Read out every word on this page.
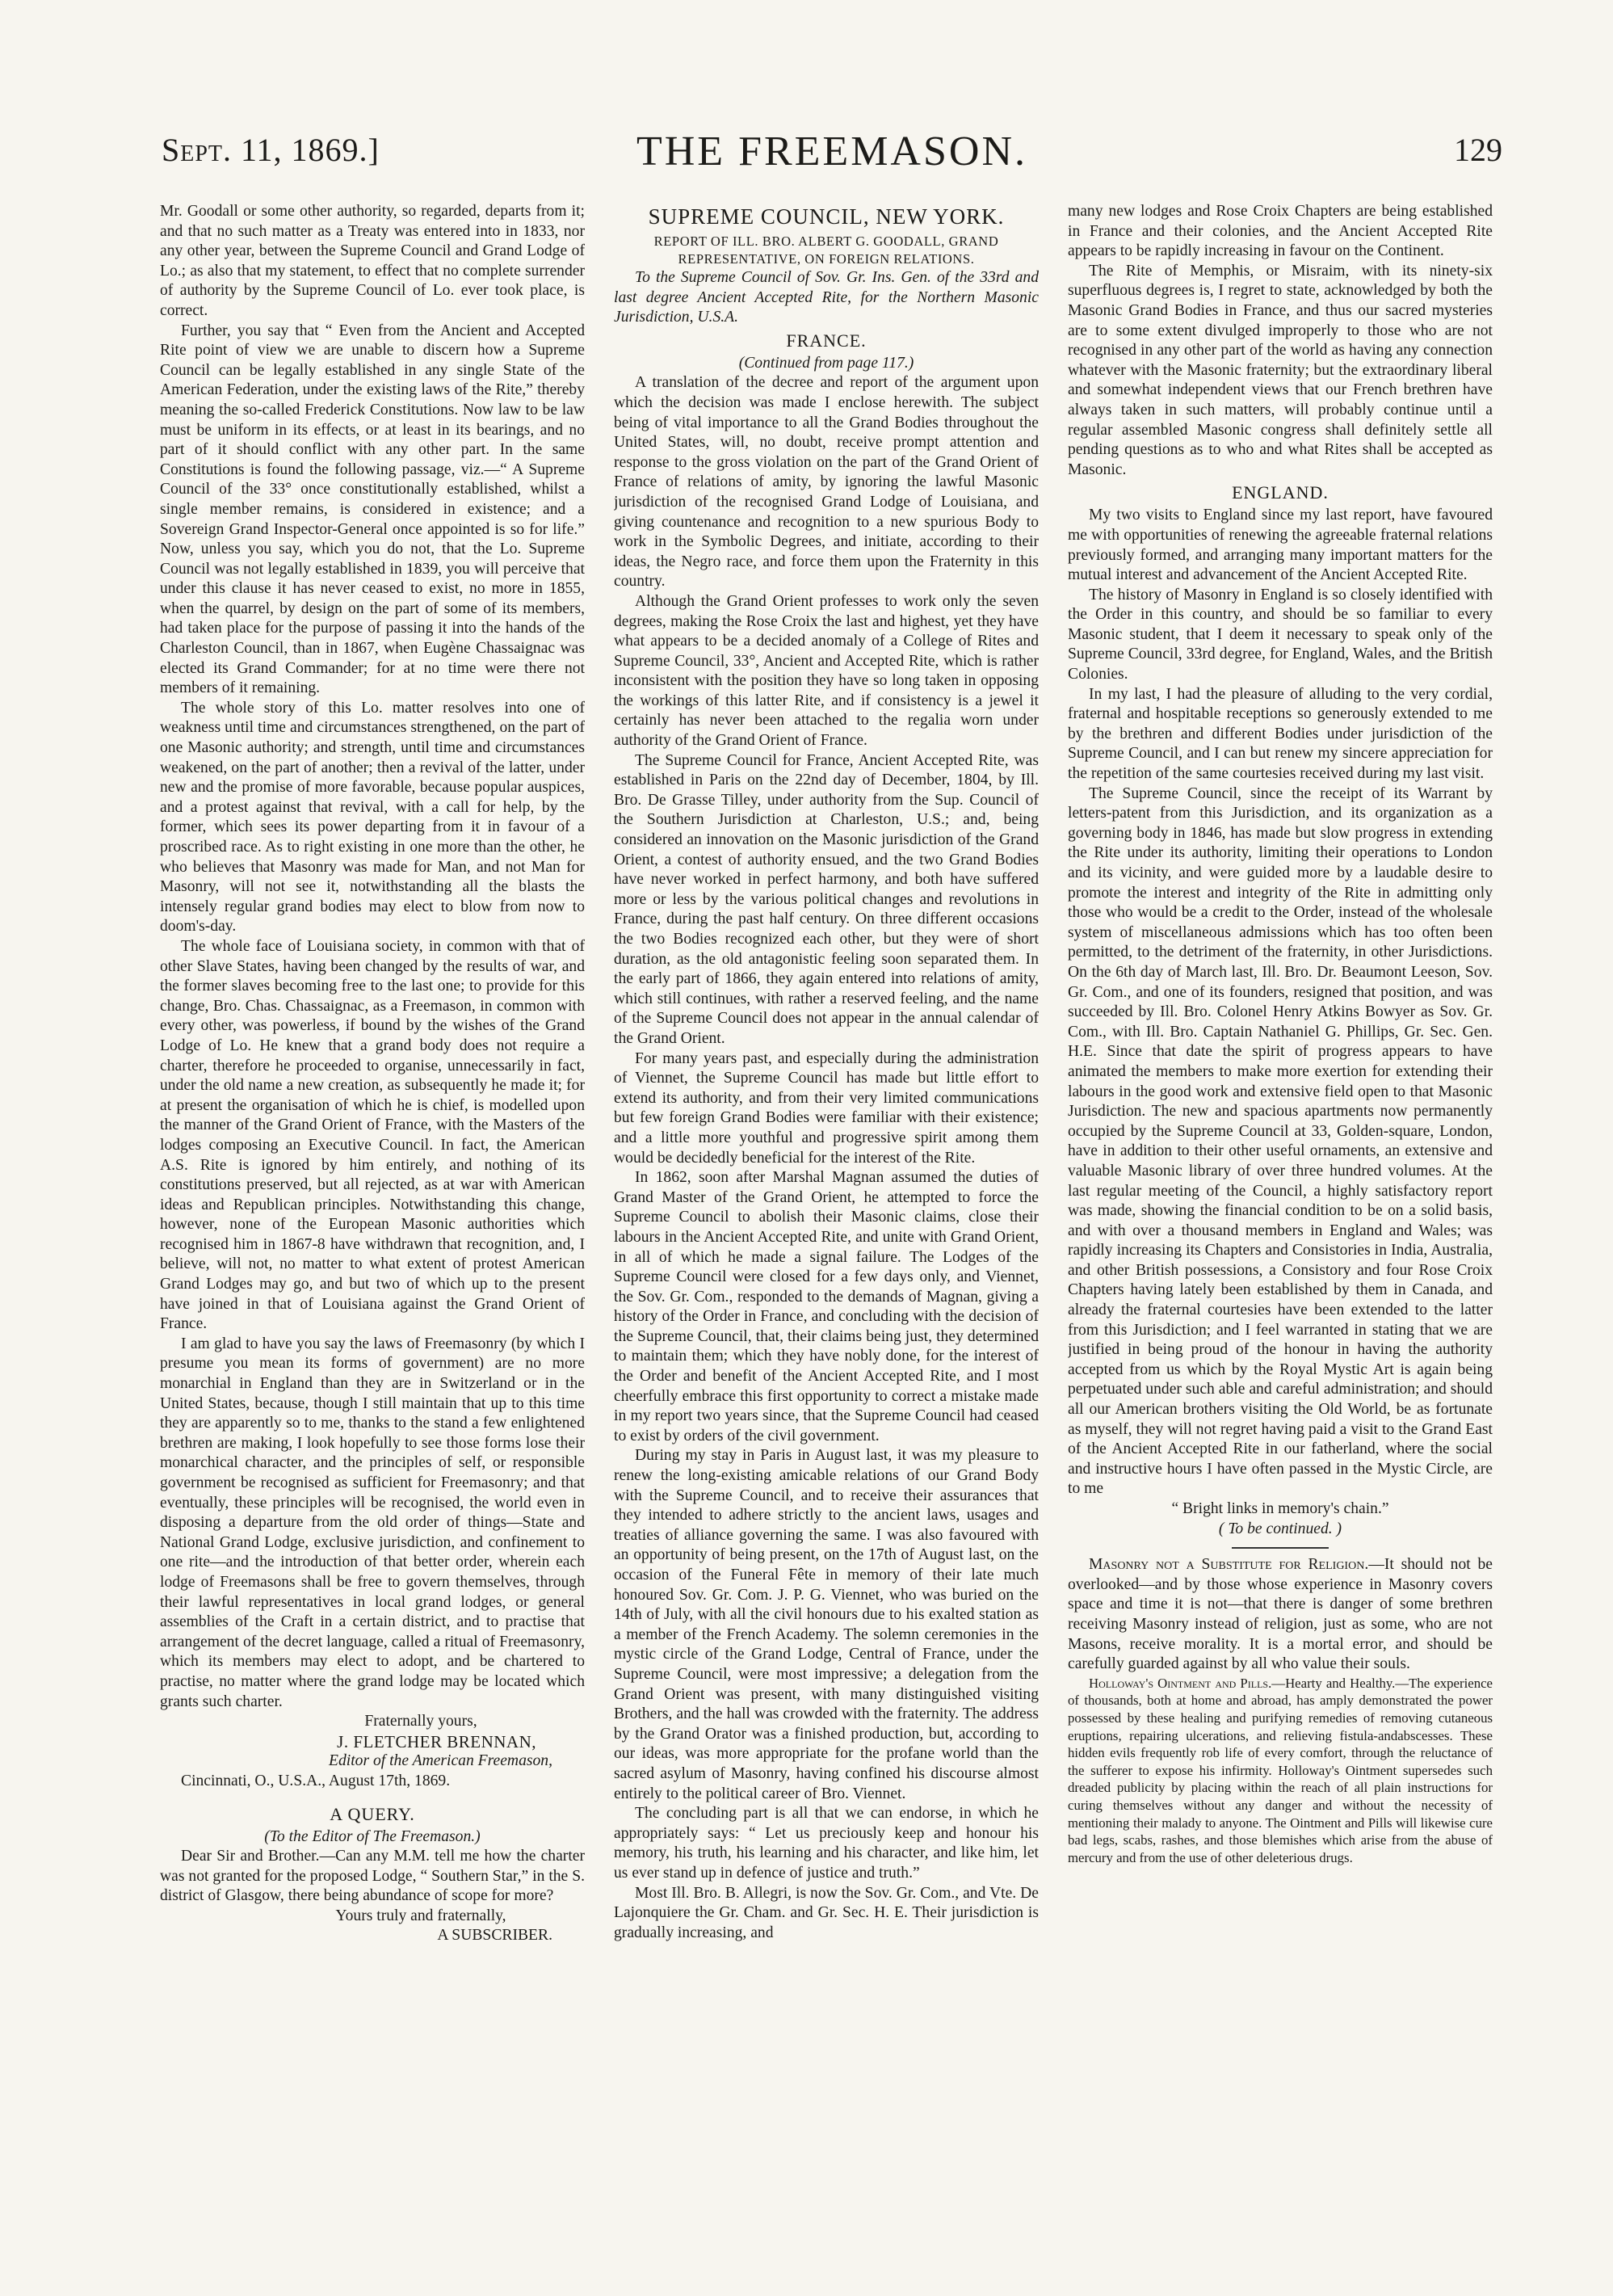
Sept. 11, 1869.]	THE FREEMASON.	129

Mr. Goodall or some other authority, so regarded, departs from it; and that no such matter as a Treaty was entered into in 1833, nor any other year, between the Supreme Council and Grand Lodge of Lo.; as also that my statement, to effect that no complete surrender of authority by the Supreme Council of Lo. ever took place, is correct.

Further, you say that “ Even from the Ancient and Accepted Rite point of view we are unable to discern how a Supreme Council can be legally established in any single State of the American Federation, under the existing laws of the Rite,” thereby meaning the so-called Frederick Constitutions. Now law to be law must be uniform in its effects, or at least in its bearings, and no part of it should conflict with any other part. In the same Constitutions is found the following passage, viz.—“ A Supreme Council of the 33° once constitutionally established, whilst a single member remains, is considered in existence; and a Sovereign Grand Inspector-General once appointed is so for life.” Now, unless you say, which you do not, that the Lo. Supreme Council was not legally established in 1839, you will perceive that under this clause it has never ceased to exist, no more in 1855, when the quarrel, by design on the part of some of its members, had taken place for the purpose of passing it into the hands of the Charleston Council, than in 1867, when Eugène Chassaignac was elected its Grand Commander; for at no time were there not members of it remaining.

The whole story of this Lo. matter resolves into one of weakness until time and circumstances strengthened, on the part of one Masonic authority; and strength, until time and circumstances weakened, on the part of another; then a revival of the latter, under new and the promise of more favorable, because popular auspices, and a protest against that revival, with a call for help, by the former, which sees its power departing from it in favour of a proscribed race. As to right existing in one more than the other, he who believes that Masonry was made for Man, and not Man for Masonry, will not see it, notwithstanding all the blasts the intensely regular grand bodies may elect to blow from now to doom's-day.

The whole face of Louisiana society, in common with that of other Slave States, having been changed by the results of war, and the former slaves becoming free to the last one; to provide for this change, Bro. Chas. Chassaignac, as a Freemason, in common with every other, was powerless, if bound by the wishes of the Grand Lodge of Lo. He knew that a grand body does not require a charter, therefore he proceeded to organise, unnecessarily in fact, under the old name a new creation, as subsequently he made it; for at present the organisation of which he is chief, is modelled upon the manner of the Grand Orient of France, with the Masters of the lodges composing an Executive Council. In fact, the American A.S. Rite is ignored by him entirely, and nothing of its constitutions preserved, but all rejected, as at war with American ideas and Republican principles. Notwithstanding this change, however, none of the European Masonic authorities which recognised him in 1867-8 have withdrawn that recognition, and, I believe, will not, no matter to what extent of protest American Grand Lodges may go, and but two of which up to the present have joined in that of Louisiana against the Grand Orient of France.

I am glad to have you say the laws of Freemasonry (by which I presume you mean its forms of government) are no more monarchial in England than they are in Switzerland or in the United States, because, though I still maintain that up to this time they are apparently so to me, thanks to the stand a few enlightened brethren are making, I look hopefully to see those forms lose their monarchical character, and the principles of self, or responsible government be recognised as sufficient for Freemasonry; and that eventually, these principles will be recognised, the world even in disposing a departure from the old order of things—State and National Grand Lodge, exclusive jurisdiction, and confinement to one rite—and the introduction of that better order, wherein each lodge of Freemasons shall be free to govern themselves, through their lawful representatives in local grand lodges, or general assemblies of the Craft in a certain district, and to practise that arrangement of the decret language, called a ritual of Freemasonry, which its members may elect to adopt, and be chartered to practise, no matter where the grand lodge may be located which grants such charter.

Fraternally yours,

J. FLETCHER BRENNAN,

Editor of the American Freemason,

Cincinnati, O., U.S.A., August 17th, 1869.

A QUERY.

(To the Editor of The Freemason.)

Dear Sir and Brother.—Can any M.M. tell me how the charter was not granted for the proposed Lodge, “ Southern Star,” in the S. district of Glasgow, there being abundance of scope for more?

Yours truly and fraternally,

A SUBSCRIBER.

SUPREME COUNCIL, NEW YORK.
REPORT OF ILL. BRO. ALBERT G. GOODALL, GRAND REPRESENTATIVE, ON FOREIGN RELATIONS.

To the Supreme Council of Sov. Gr. Ins. Gen. of the 33rd and last degree Ancient Accepted Rite, for the Northern Masonic Jurisdiction, U.S.A.

FRANCE.

(Continued from page 117.)

A translation of the decree and report of the argument upon which the decision was made I enclose herewith. The subject being of vital importance to all the Grand Bodies throughout the United States, will, no doubt, receive prompt attention and response to the gross violation on the part of the Grand Orient of France of relations of amity, by ignoring the lawful Masonic jurisdiction of the recognised Grand Lodge of Louisiana, and giving countenance and recognition to a new spurious Body to work in the Symbolic Degrees, and initiate, according to their ideas, the Negro race, and force them upon the Fraternity in this country.

Although the Grand Orient professes to work only the seven degrees, making the Rose Croix the last and highest, yet they have what appears to be a decided anomaly of a College of Rites and Supreme Council, 33°, Ancient and Accepted Rite, which is rather inconsistent with the position they have so long taken in opposing the workings of this latter Rite, and if consistency is a jewel it certainly has never been attached to the regalia worn under authority of the Grand Orient of France.

The Supreme Council for France, Ancient Accepted Rite, was established in Paris on the 22nd day of December, 1804, by Ill. Bro. De Grasse Tilley, under authority from the Sup. Council of the Southern Jurisdiction at Charleston, U.S.; and, being considered an innovation on the Masonic jurisdiction of the Grand Orient, a contest of authority ensued, and the two Grand Bodies have never worked in perfect harmony, and both have suffered more or less by the various political changes and revolutions in France, during the past half century. On three different occasions the two Bodies recognized each other, but they were of short duration, as the old antagonistic feeling soon separated them. In the early part of 1866, they again entered into relations of amity, which still continues, with rather a reserved feeling, and the name of the Supreme Council does not appear in the annual calendar of the Grand Orient.

For many years past, and especially during the administration of Viennet, the Supreme Council has made but little effort to extend its authority, and from their very limited communications but few foreign Grand Bodies were familiar with their existence; and a little more youthful and progressive spirit among them would be decidedly beneficial for the interest of the Rite.

In 1862, soon after Marshal Magnan assumed the duties of Grand Master of the Grand Orient, he attempted to force the Supreme Council to abolish their Masonic claims, close their labours in the Ancient Accepted Rite, and unite with Grand Orient, in all of which he made a signal failure. The Lodges of the Supreme Council were closed for a few days only, and Viennet, the Sov. Gr. Com., responded to the demands of Magnan, giving a history of the Order in France, and concluding with the decision of the Supreme Council, that, their claims being just, they determined to maintain them; which they have nobly done, for the interest of the Order and benefit of the Ancient Accepted Rite, and I most cheerfully embrace this first opportunity to correct a mistake made in my report two years since, that the Supreme Council had ceased to exist by orders of the civil government.

During my stay in Paris in August last, it was my pleasure to renew the long-existing amicable relations of our Grand Body with the Supreme Council, and to receive their assurances that they intended to adhere strictly to the ancient laws, usages and treaties of alliance governing the same. I was also favoured with an opportunity of being present, on the 17th of August last, on the occasion of the Funeral Fête in memory of their late much honoured Sov. Gr. Com. J. P. G. Viennet, who was buried on the 14th of July, with all the civil honours due to his exalted station as a member of the French Academy. The solemn ceremonies in the mystic circle of the Grand Lodge, Central of France, under the Supreme Council, were most impressive; a delegation from the Grand Orient was present, with many distinguished visiting Brothers, and the hall was crowded with the fraternity. The address by the Grand Orator was a finished production, but, according to our ideas, was more appropriate for the profane world than the sacred asylum of Masonry, having confined his discourse almost entirely to the political career of Bro. Viennet.

The concluding part is all that we can endorse, in which he appropriately says: “ Let us preciously keep and honour his memory, his truth, his learning and his character, and like him, let us ever stand up in defence of justice and truth.”

Most Ill. Bro. B. Allegri, is now the Sov. Gr. Com., and Vte. De Lajonquiere the Gr. Cham. and Gr. Sec. H. E. Their jurisdiction is gradually increasing, and

many new lodges and Rose Croix Chapters are being established in France and their colonies, and the Ancient Accepted Rite appears to be rapidly increasing in favour on the Continent.

The Rite of Memphis, or Misraim, with its ninety-six superfluous degrees is, I regret to state, acknowledged by both the Masonic Grand Bodies in France, and thus our sacred mysteries are to some extent divulged improperly to those who are not recognised in any other part of the world as having any connection whatever with the Masonic fraternity; but the extraordinary liberal and somewhat independent views that our French brethren have always taken in such matters, will probably continue until a regular assembled Masonic congress shall definitely settle all pending questions as to who and what Rites shall be accepted as Masonic.

ENGLAND.

My two visits to England since my last report, have favoured me with opportunities of renewing the agreeable fraternal relations previously formed, and arranging many important matters for the mutual interest and advancement of the Ancient Accepted Rite.

The history of Masonry in England is so closely identified with the Order in this country, and should be so familiar to every Masonic student, that I deem it necessary to speak only of the Supreme Council, 33rd degree, for England, Wales, and the British Colonies.

In my last, I had the pleasure of alluding to the very cordial, fraternal and hospitable receptions so generously extended to me by the brethren and different Bodies under jurisdiction of the Supreme Council, and I can but renew my sincere appreciation for the repetition of the same courtesies received during my last visit.

The Supreme Council, since the receipt of its Warrant by letters-patent from this Jurisdiction, and its organization as a governing body in 1846, has made but slow progress in extending the Rite under its authority, limiting their operations to London and its vicinity, and were guided more by a laudable desire to promote the interest and integrity of the Rite in admitting only those who would be a credit to the Order, instead of the wholesale system of miscellaneous admissions which has too often been permitted, to the detriment of the fraternity, in other Jurisdictions. On the 6th day of March last, Ill. Bro. Dr. Beaumont Leeson, Sov. Gr. Com., and one of its founders, resigned that position, and was succeeded by Ill. Bro. Colonel Henry Atkins Bowyer as Sov. Gr. Com., with Ill. Bro. Captain Nathaniel G. Phillips, Gr. Sec. Gen. H.E. Since that date the spirit of progress appears to have animated the members to make more exertion for extending their labours in the good work and extensive field open to that Masonic Jurisdiction. The new and spacious apartments now permanently occupied by the Supreme Council at 33, Golden-square, London, have in addition to their other useful ornaments, an extensive and valuable Masonic library of over three hundred volumes. At the last regular meeting of the Council, a highly satisfactory report was made, showing the financial condition to be on a solid basis, and with over a thousand members in England and Wales; was rapidly increasing its Chapters and Consistories in India, Australia, and other British possessions, a Consistory and four Rose Croix Chapters having lately been established by them in Canada, and already the fraternal courtesies have been extended to the latter from this Jurisdiction; and I feel warranted in stating that we are justified in being proud of the honour in having the authority accepted from us which by the Royal Mystic Art is again being perpetuated under such able and careful administration; and should all our American brothers visiting the Old World, be as fortunate as myself, they will not regret having paid a visit to the Grand East of the Ancient Accepted Rite in our fatherland, where the social and instructive hours I have often passed in the Mystic Circle, are to me

“ Bright links in memory's chain.”

( To be continued. )

Masonry not a Substitute for Religion.—It should not be overlooked—and by those whose experience in Masonry covers space and time it is not—that there is danger of some brethren receiving Masonry instead of religion, just as some, who are not Masons, receive morality. It is a mortal error, and should be carefully guarded against by all who value their souls.

Holloway's Ointment and Pills.—Hearty and Healthy.—The experience of thousands, both at home and abroad, has amply demonstrated the power possessed by these healing and purifying remedies of removing cutaneous eruptions, repairing ulcerations, and relieving fistula-andabscesses. These hidden evils frequently rob life of every comfort, through the reluctance of the sufferer to expose his infirmity. Holloway's Ointment supersedes such dreaded publicity by placing within the reach of all plain instructions for curing themselves without any danger and without the necessity of mentioning their malady to anyone. The Ointment and Pills will likewise cure bad legs, scabs, rashes, and those blemishes which arise from the abuse of mercury and from the use of other deleterious drugs.
